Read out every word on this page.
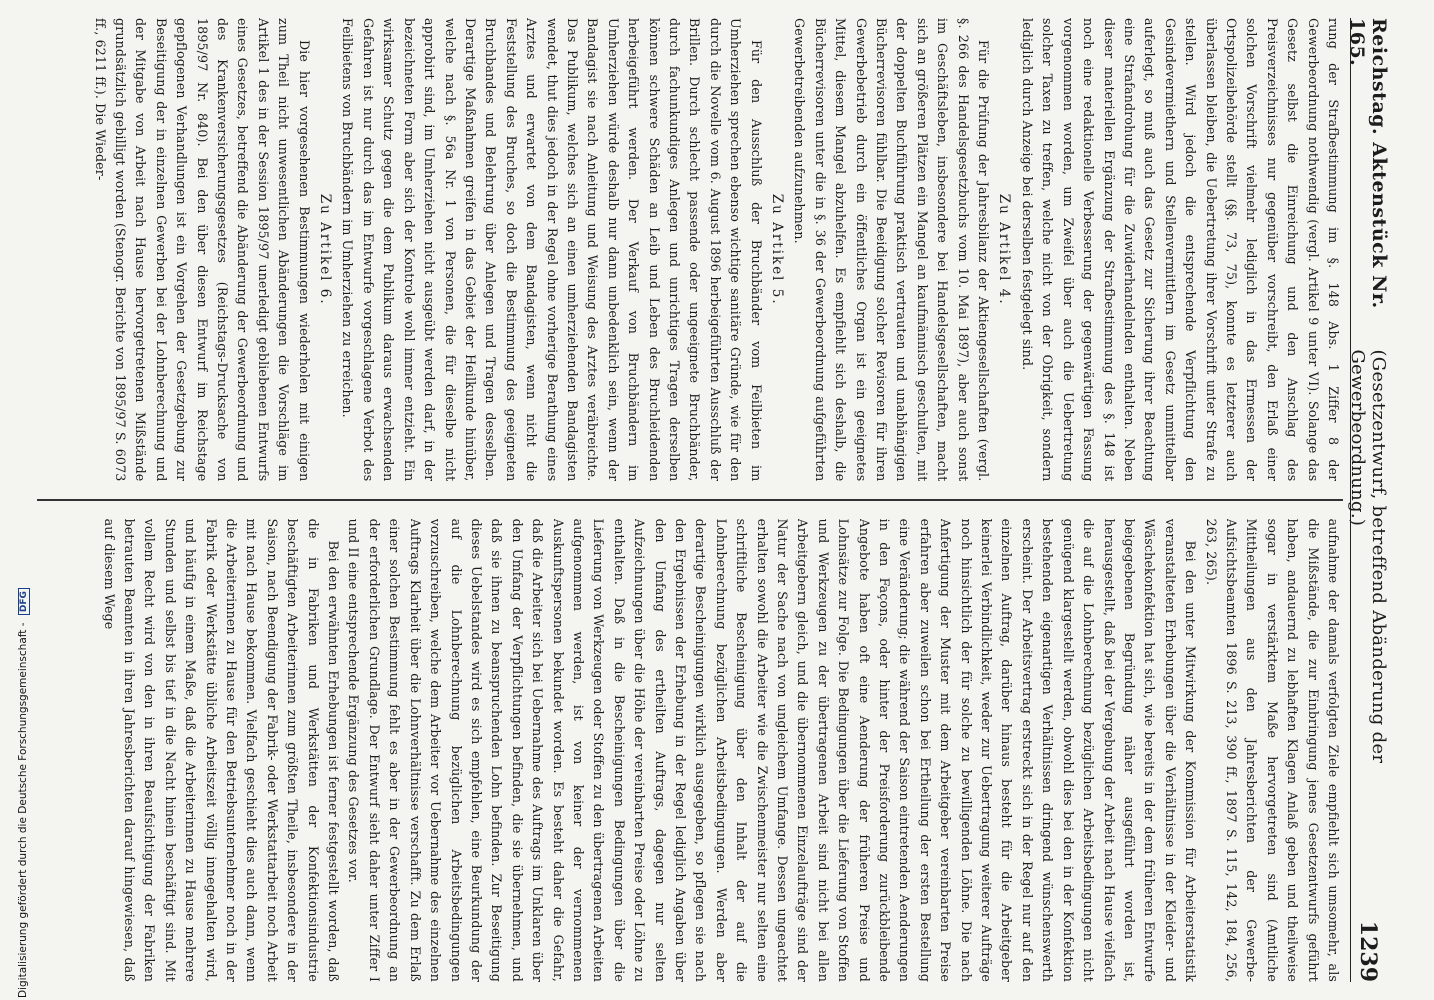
Digitalisierung gefördert durch die Deutsche Forschungsgemeinschaft - DFG
Reichstag. Aktenstück Nr. 165.
(Gesetzentwurf, betreffend Abänderung der Gewerbeordnung.)
1239

rung der Strafbestimmung im §. 148 Abs. 1 Ziffer 8 der Gewerbeordnung nothwendig (vergl. Artikel 9 unter VI). Solange das Gesetz selbst die Einreichung und den Anschlag des Preisverzeichnisses nur gegenüber vorschreibt, den Erlaß einer solchen Vorschrift vielmehr lediglich in das Ermessen der Ortspolizeibehörde stellt (§§. 73, 75), konnte es letzterer auch überlassen bleiben, die Uebertretung ihrer Vorschrift unter Strafe zu stellen. Wird jedoch die entsprechende Verpflichtung den Gesindevermiethern und Stellenvermittlern im Gesetz unmittelbar auferlegt, so muß auch das Gesetz zur Sicherung ihrer Beachtung eine Strafandrohung für die Zuwiderhandelnden enthalten. Neben dieser materiellen Ergänzung der Strafbestimmung des §. 148 ist noch eine redaktionelle Verbesserung der gegenwärtigen Fassung vorgenommen worden, um Zweifel über auch die Uebertretung solcher Taxen zu treffen, welche nicht von der Obrigkeit, sondern lediglich durch Anzeige bei derselben festgelegt sind.

Zu Artikel 4.

Für die Prüfung der Jahresbilanz der Aktiengesellschaften (vergl. §. 266 des Handelsgesetzbuchs vom 10. Mai 1897), aber auch sonst im Geschäftsleben, insbesondere bei Handelsgesellschaften, macht sich an größeren Plätzen ein Mangel an kaufmännisch geschulten, mit der doppelten Buchführung praktisch vertrauten und unabhängigen Bücherrevisoren fühlbar. Die Beeidigung solcher Revisoren für ihren Gewerbebetrieb durch ein öffentliches Organ ist ein geeignetes Mittel, diesem Mangel abzuhelfen. Es empfiehlt sich deshalb, die Bücherrevisoren unter die in §. 36 der Gewerbeordnung aufgeführten Gewerbetreibenden aufzunehmen.

Zu Artikel 5.

Für den Ausschluß der Bruchbänder vom Feilbieten im Umherziehen sprechen ebenso wichtige sanitäre Gründe, wie für den durch die Novelle vom 6. August 1896 herbeigeführten Ausschluß der Brillen. Durch schlecht passende oder ungeeignete Bruchbänder, durch fachunkundiges Anlegen und unrichtiges Tragen derselben können schwere Schäden an Leib und Leben des Bruchleidenden herbeigeführt werden. Der Verkauf von Bruchbändern im Umherziehen würde deshalb nur dann unbedenklich sein, wenn der Bandagist sie nach Anleitung und Weisung des Arztes veräbreichte. Das Publikum, welches sich an einen umherziehenden Bandagisten wendet, thut dies jedoch in der Regel ohne vorherige Berathung eines Arztes und erwartet von dem Bandagisten, wenn nicht die Feststellung des Bruches, so doch die Bestimmung des geeigneten Bruchbandes und Belehrung über Anlegen und Tragen desselben. Derartige Maßnahmen greifen in das Gebiet der Heilkunde hinüber, welche nach §. 56a Nr. 1 von Personen, die für dieselbe nicht approbirt sind, im Umherziehen nicht ausgeübt werden darf, in der bezeichneten Form aber sich der Kontrole wohl immer entzieht. Ein wirksamer Schutz gegen die dem Publikum daraus erwachsenden Gefahren ist nur durch das im Entwurfe vorgeschlagene Verbot des Feilbietens von Bruchbändern im Umherziehen zu erreichen.

Zu Artikel 6.

Die hier vorgesehenen Bestimmungen wiederholen mit einigen zum Theil nicht unwesentlichen Abänderungen die Vorschläge im Artikel 1 des in der Session 1895/97 unerledigt gebliebenen Entwurfs eines Gesetzes, betreffend die Abänderung der Gewerbeordnung und des Krankenversicherungsgesetzes (Reichstags-Drucksache von 1895/97 Nr. 840). Bei den über diesen Entwurf im Reichstage gepflogenen Verhandlungen ist ein Vorgehen der Gesetzgebung zur Beseitigung der in einzelnen Gewerben bei der Lohnberechnung und der Mitgabe von Arbeit nach Hause hervorgetretenen Mißstände grundsätzlich gebilligt worden (Stenogr. Berichte von 1895/97 S. 6073 ff., 6211 ff.). Die Wieder-

aufnahme der damals verfolgten Ziele empfiehlt sich umsomehr, als die Mißstände, die zur Einbringung jenes Gesetzentwurfs geführt haben, andauernd zu lebhaften Klagen Anlaß geben und theilweise sogar in verstärktem Maße hervorgetreten sind (Amtliche Mittheilungen aus den Jahresberichten der Gewerbe-Aufsichtsbeamten 1896 S. 213, 390 ff., 1897 S. 115, 142, 184, 256, 263, 265).

Bei den unter Mitwirkung der Kommission für Arbeiterstatistik veranstalteten Erhebungen über die Verhältnisse in der Kleider- und Wäschekonfektion hat sich, wie bereits in der dem früheren Entwurfe beigegebenen Begründung näher ausgeführt worden ist, herausgestellt, daß bei der Vergebung der Arbeit nach Hause vielfach die auf die Lohnberechnung bezüglichen Arbeitsbedingungen nicht genügend klargestellt werden, obwohl dies bei den in der Konfektion bestehenden eigenartigen Verhältnissen dringend wünschenswerth erscheint. Der Arbeitsvertrag erstreckt sich in der Regel nur auf den einzelnen Auftrag, darüber hinaus besteht für die Arbeitgeber keinerlei Verbindlichkeit, weder zur Uebertragung weiterer Aufträge noch hinsichtlich der für solche zu bewilligenden Löhne. Die nach Anfertigung der Muster mit dem Arbeitgeber vereinbarten Preise erfahren aber zuweilen schon bei Ertheilung der ersten Bestellung eine Veränderung; die während der Saison eintretenden Aenderungen in den Façons, oder hinter der Preisforderung zurückbleibende Angebote haben oft eine Aenderung der früheren Preise und Lohnsätze zur Folge. Die Bedingungen über die Lieferung von Stoffen und Werkzeugen zu der übertragenen Arbeit sind nicht bei allen Arbeitgebern gleich, und die übernommenen Einzelaufträge sind der Natur der Sache nach von ungleichem Umfange. Dessen ungeachtet erhalten sowohl die Arbeiter wie die Zwischenmeister nur selten eine schriftliche Bescheinigung über den Inhalt der auf die Lohnberechnung bezüglichen Arbeitsbedingungen. Werden aber derartige Bescheinigungen wirklich ausgegeben, so pflegen sie nach den Ergebnissen der Erhebung in der Regel lediglich Angaben über den Umfang des ertheilten Auftrags, dagegen nur selten Aufzeichnungen über die Höhe der vereinbarten Preise oder Löhne zu enthalten. Daß in die Bescheinigungen Bedingungen über die Lieferung von Werkzeugen oder Stoffen zu den übertragenen Arbeiten aufgenommen werden, ist von keiner der vernommenen Auskunftspersonen bekundet worden. Es besteht daher die Gefahr, daß die Arbeiter sich bei Uebernahme des Auftrags im Unklaren über den Umfang der Verpflichtungen befinden, die sie übernehmen, und daß sie ihnen zu beanspruchenden Lohn befinden. Zur Beseitigung dieses Uebelstandes wird es sich empfehlen, eine Beurkundung der auf die Lohnberechnung bezüglichen Arbeitsbedingungen vorzuschreiben, welche dem Arbeiter vor Uebernahme des einzelnen Auftrags Klarheit über die Lohnverhältnisse verschafft. Zu dem Erlaß einer solchen Bestimmung fehlt es aber in der Gewerbeordnung an der erforderlichen Grundlage. Der Entwurf sieht daher unter Ziffer I und II eine entsprechende Ergänzung des Gesetzes vor.

Bei den erwähnten Erhebungen ist ferner festgestellt worden, daß die in Fabriken und Werkstätten der Konfektionsindustrie beschäftigten Arbeiterinnen zum größten Theile, insbesondere in der Saison, nach Beendigung der Fabrik- oder Werkstattarbeit noch Arbeit mit nach Hause bekommen. Vielfach geschieht dies auch dann, wenn die Arbeiterinnen zu Hause für den Betriebsunternehmer noch in der Fabrik oder Werkstätte übliche Arbeitszeit völlig innegehalten wird, und häufig in einem Maße, daß die Arbeiterinnen zu Hause mehrere Stunden und selbst bis tief in die Nacht hinein beschäftigt sind. Mit vollem Recht wird von den in ihren Beaufsichtigung der Fabriken betrauten Beamten in ihren Jahresberichten darauf hingewiesen, daß auf diesem Wege
